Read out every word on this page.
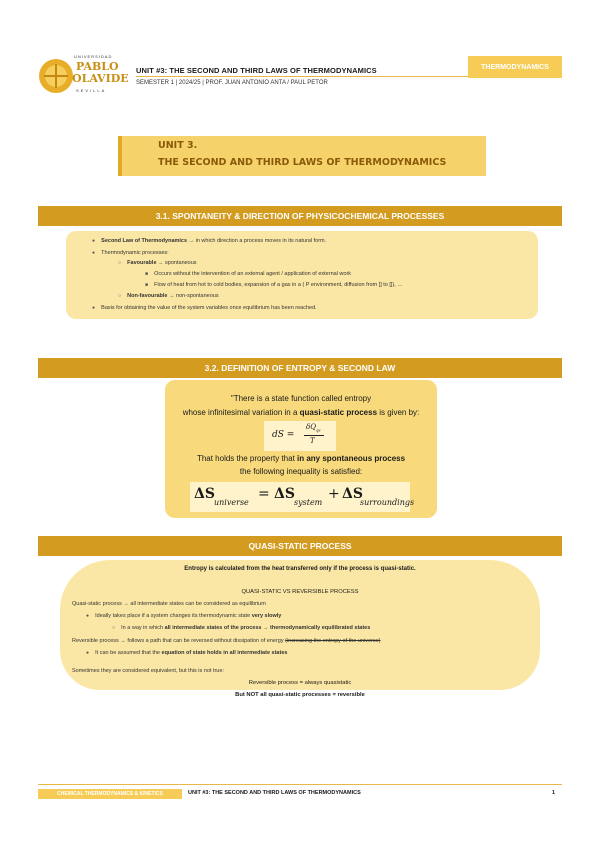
UNIVERSIDAD
PABLO
OLAVIDE
SEVILLA
UNIT #3: THE SECOND AND THIRD LAWS OF THERMODYNAMICS
SEMESTER 1 | 2024/25 | PROF. JUAN ANTONIO ANTA / PAUL PETOR
THERMODYNAMICS
UNIT 3.
THE SECOND AND THIRD LAWS OF THERMODYNAMICS
3.1. SPONTANEITY & DIRECTION OF PHYSICOCHEMICAL PROCESSES
● Second Law of Thermodynamics → in which direction a process moves in its natural form.
● Thermodynamic processes:
○ Favourable → spontaneous
■ Occurs without the intervention of an external agent / application of external work
■ Flow of heat from hot to cold bodies, expansion of a gas in a ( P environment, diffusion from [] to []), …
○ Non-favourable → non-spontaneous
● Basis for obtaining the value of the system variables once equilibrium has been reached.
3.2. DEFINITION OF ENTROPY & SECOND LAW
"There is a state function called entropy
whose infinitesimal variation in a quasi-static process is given by:
dS =
$\delta Q_{qs}$
T
That holds the property that in any spontaneous process
the following inequality is satisfied:
ΔS
universe
= ΔS
system
+ ΔS
surroundings
QUASI-STATIC PROCESS
Entropy is calculated from the heat transferred only if the process is quasi-static.
QUASI-STATIC VS REVERSIBLE PROCESS
Quasi-static process → all intermediate states can be considered as equilibrium
● Ideally takes place if a system changes its thermodynamic state very slowly
○ In a way in which all intermediate states of the process → thermodynamically equilibrated states
Reversible process → follows a path that can be reversed without dissipation of energy (increasing the entropy of the universe)
● It can be assumed that the equation of state holds in all intermediate states
Sometimes they are considered equivalent, but this is not true:
Reversible process = always quasistatic
But NOT all quasi-static processes = reversible
CHEMICAL THERMODYNAMICS & KINETICS	UNIT #3: THE SECOND AND THIRD LAWS OF THERMODYNAMICS	1
